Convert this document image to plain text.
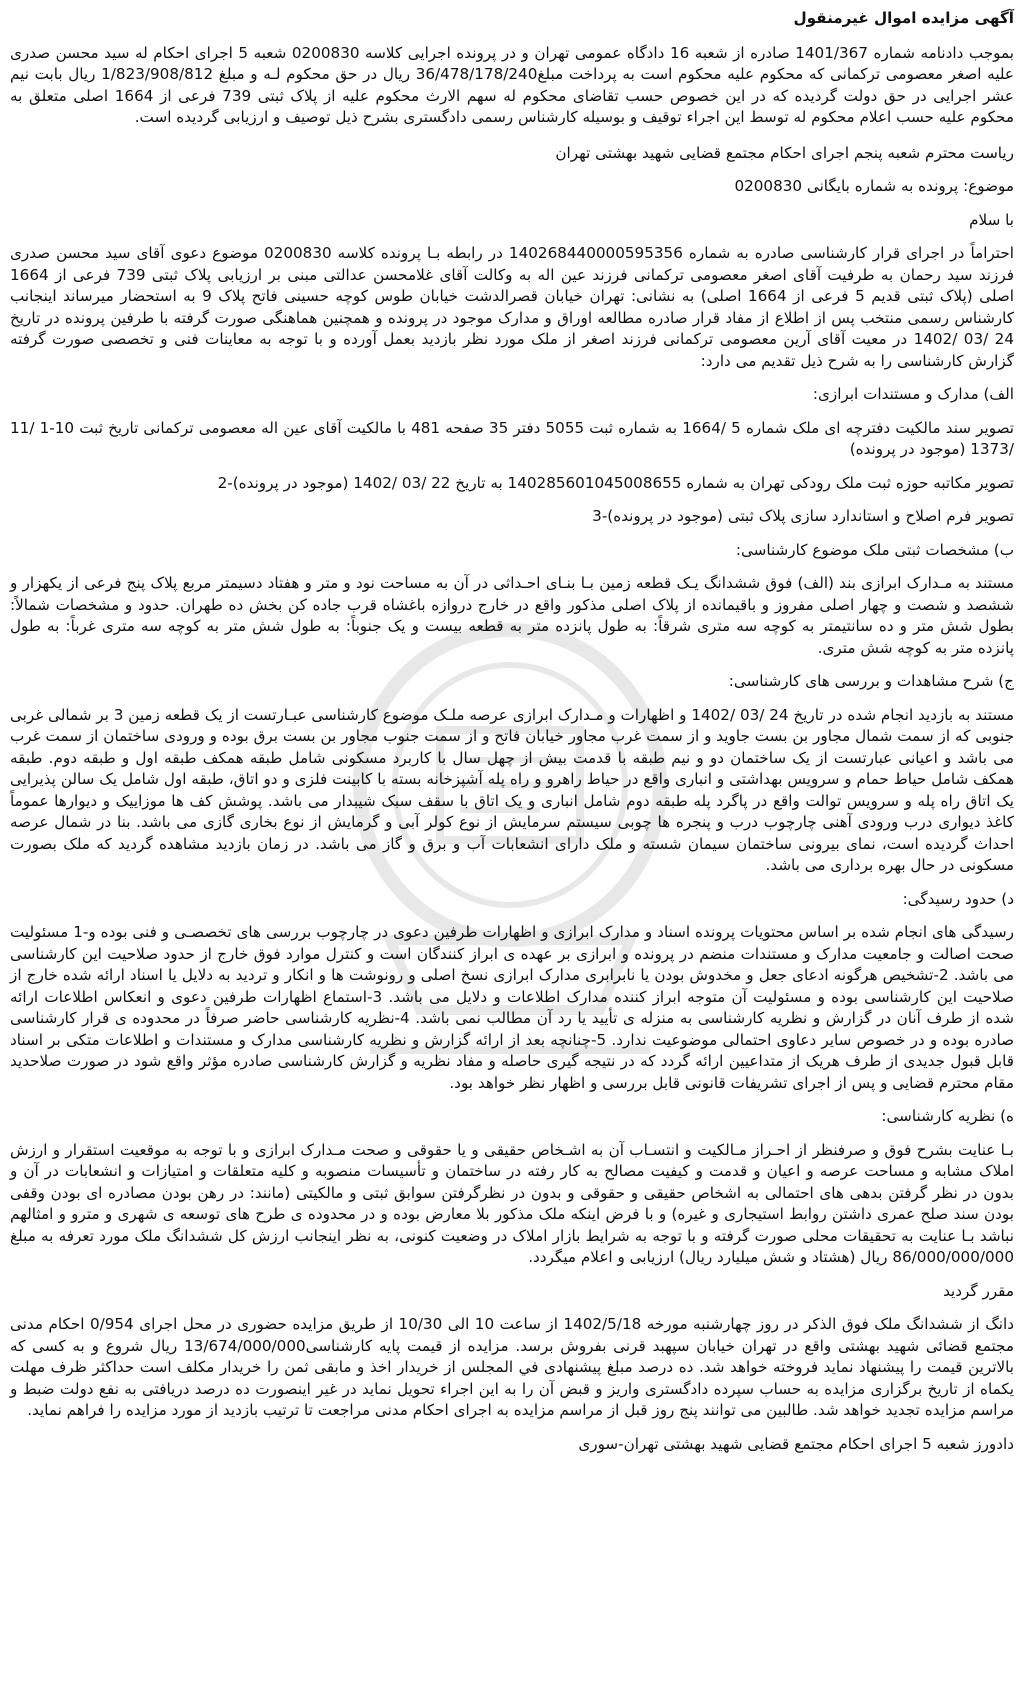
آگهی مزایده اموال غیرمنقول

بموجب دادنامه شماره 1401/367 صادره از شعبه 16 دادگاه عمومی تهران و در پرونده اجرایی کلاسه 0200830 شعبه 5 اجرای احکام له سید محسن صدری علیه اصغر معصومی ترکمانی که محکوم علیه محکوم است به پرداخت مبلغ36/478/178/240 ریال در حق محکوم لـه و مبلغ 1/823/908/812 ریال بابت نیم عشر اجرایی در حق دولت گردیده که در این خصوص حسب تقاضای محکوم له سهم الارث محکوم علیه از پلاک ثبتی 739 فرعی از 1664 اصلی متعلق به محکوم علیه حسب اعلام محکوم له توسط این اجراء توقیف و بوسیله کارشناس رسمی دادگستری بشرح ذیل توصیف و ارزیابی گردیده است.

ریاست محترم شعبه پنجم اجرای احکام مجتمع قضایی شهید بهشتی تهران

موضوع: پرونده به شماره بایگانی 0200830

با سلام

احتراماً در اجرای قرار کارشناسی صادره به شماره 140268440000595356 در رابطه بـا پرونده کلاسه 0200830 موضوع دعوی آقای سید محسن صدری فرزند سید رحمان به طرفیت آقای اصغر معصومی ترکمانی فرزند عین اله به وکالت آقای غلامحسن عدالتی مبنی بر ارزیابی پلاک ثبتی 739 فرعی از 1664 اصلی (پلاک ثبتی قدیم 5 فرعی از 1664 اصلی) به نشانی: تهران خیابان قصرالدشت خیابان طوس کوچه حسینی فاتح پلاک 9 به استحضار میرساند اینجانب کارشناس رسمی منتخب پس از اطلاع از مفاد قرار صادره مطالعه اوراق و مدارک موجود در پرونده و همچنین هماهنگی صورت گرفته با طرفین پرونده در تاریخ 24 /03 /1402 در معیت آقای آرین معصومی ترکمانی فرزند اصغر از ملک مورد نظر بازدید بعمل آورده و با توجه به معاینات فنی و تخصصی صورت گرفته گزارش کارشناسی را به شرح ذیل تقدیم می دارد:

الف) مدارک و مستندات ابرازی:

تصویر سند مالکیت دفترچه ای ملک شماره 5 /1664 به شماره ثبت 5055 دفتر 35 صفحه 481 با مالکیت آقای عین اله معصومی ترکمانی تاریخ ثبت 10-1 /11 /1373 (موجود در پرونده)

تصویر مکاتبه حوزه ثبت ملک رودکی تهران به شماره 140285601045008655 به تاریخ 22 /03 /1402 (موجود در پرونده)-2

تصویر فرم اصلاح و استاندارد سازی پلاک ثبتی (موجود در پرونده)-3

ب) مشخصات ثبتی ملک موضوع کارشناسی:

مستند به مـدارک ابرازی بند (الف) فوق ششدانگ یـک قطعه زمین بـا بنـای احـداثی در آن به مساحت نود و متر و هفتاد دسیمتر مربع پلاک پنج فرعی از یکهزار و ششصد و شصت و چهار اصلی مفروز و باقیمانده از پلاک اصلی مذکور واقع در خارج دروازه باغشاه قرب جاده کن بخش ده طهران. حدود و مشخصات شمالاً: بطول شش متر و ده سانتیمتر به کوچه سه متری شرقاً: به طول پانزده متر به قطعه بیست و یک جنوباً: به طول شش متر به کوچه سه متری غرباً: به طول پانزده متر به کوچه شش متری.

ج) شرح مشاهدات و بررسی های کارشناسی:

مستند به بازدید انجام شده در تاریخ 24 /03 /1402 و اظهارات و مـدارک ابرازی عرصه ملـک موضوع کارشناسی عبـارتست از یک قطعه زمین 3 بر شمالی غربی جنوبی که از سمت شمال مجاور بن بست جاوید و از سمت غرب مجاور خیابان فاتح و از سمت جنوب مجاور بن بست برق بوده و ورودی ساختمان از سمت غرب می باشد و اعیانی عبارتست از یک ساختمان دو و نیم طبقه با قدمت بیش از چهل سال با کاربرد مسکونی شامل طبقه همکف طبقه اول و طبقه دوم. طبقه همکف شامل حیاط حمام و سرویس بهداشتی و انباری واقع در حیاط راهرو و راه پله آشپزخانه بسته با کابینت فلزی و دو اتاق، طبقه اول شامل یک سالن پذیرایی یک اتاق راه پله و سرویس توالت واقع در پاگرد پله طبقه دوم شامل انباری و یک اتاق با سقف سبک شیبدار می باشد. پوشش کف ها موزاییک و دیوارها عموماً کاغذ دیواری درب ورودی آهنی چارچوب درب و پنجره ها چوبی سیستم سرمایش از نوع کولر آبی و گرمایش از نوع بخاری گازی می باشد. بنا در شمال عرصه احداث گردیده است، نمای بیرونی ساختمان سیمان شسته و ملک دارای انشعابات آب و برق و گاز می باشد. در زمان بازدید مشاهده گردید که ملک بصورت مسکونی در حال بهره برداری می باشد.

د) حدود رسیدگی:

رسیدگی های انجام شده بر اساس محتویات پرونده اسناد و مدارک ابرازی و اظهارات طرفین دعوی در چارچوب بررسی های تخصصـی و فنی بوده و-1 مسئولیت صحت اصالت و جامعیت مدارک و مستندات منضم در پرونده و ابرازی بر عهده ی ابراز کنندگان است و کنترل موارد فوق خارج از حدود صلاحیت این کارشناسی می باشد. 2-تشخیص هرگونه ادعای جعل و مخدوش بودن یا نابرابری مدارک ابرازی نسخ اصلی و رونوشت ها و انکار و تردید به دلایل یا اسناد ارائه شده خارج از صلاحیت این کارشناسی بوده و مسئولیت آن متوجه ابراز کننده مدارک اطلاعات و دلایل می باشد. 3-استماع اظهارات طرفین دعوی و انعکاس اطلاعات ارائه شده از طرف آنان در گزارش و نظریه کارشناسی به منزله ی تأیید یا رد آن مطالب نمی باشد. 4-نظریه کارشناسی حاضر صرفاً در محدوده ی قرار کارشناسی صادره بوده و در خصوص سایر دعاوی احتمالی موضوعیت ندارد. 5-چنانچه بعد از ارائه گزارش و نظریه کارشناسی مدارک و مستندات و اطلاعات متکی بر اسناد قابل قبول جدیدی از طرف هریک از متداعیین ارائه گردد که در نتیجه گیری حاصله و مفاد نظریه و گزارش کارشناسی صادره مؤثر واقع شود در صورت صلاحدید مقام محترم قضایی و پس از اجرای تشریفات قانونی قابل بررسی و اظهار نظر خواهد بود.

ه) نظریه کارشناسی:

بـا عنایت بشرح فوق و صرفنظر از احـراز مـالکیت و انتسـاب آن به اشـخاص حقیقی و یا حقوقی و صحت مـدارک ابرازی و با توجه به موقعیت استقرار و ارزش املاک مشابه و مساحت عرصه و اعیان و قدمت و کیفیت مصالح به کار رفته در ساختمان و تأسیسات منصوبه و کلیه متعلقات و امتیازات و انشعابات در آن و بدون در نظر گرفتن بدهی های احتمالی به اشخاص حقیقی و حقوقی و بدون در نظرگرفتن سوابق ثبتی و مالکیتی (مانند: در رهن بودن مصادره ای بودن وقفی بودن سند صلح عمری داشتن روابط استیجاری و غیره) و با فرض اینکه ملک مذکور بلا معارض بوده و در محدوده ی طرح های توسعه ی شهری و مترو و امثالهم نباشد بـا عنایت به تحقیقات محلی صورت گرفته و با توجه به شرایط بازار املاک در وضعیت کنونی، به نظر اینجانب ارزش کل ششدانگ ملک مورد تعرفه به مبلغ 86/000/000/000 ریال (هشتاد و شش میلیارد ریال) ارزیابی و اعلام میگردد.

مقرر گردید

دانگ از ششدانگ ملک فوق الذکر در روز چهارشنبه مورخه 1402/5/18 از ساعت 10 الی 10/30 از طریق مزایده حضوری در محل اجرای 0/954 احکام مدنی مجتمع قضائی شهید بهشتی واقع در تهران خیابان سپهبد قرنی بفروش برسد. مزایده از قیمت پایه کارشناسی13/674/000/000 ریال شروع و به کسی که بالاترین قیمت را پیشنهاد نماید فروخته خواهد شد. ده درصد مبلغ پیشنهادی في المجلس از خریدار اخذ و مابقی ثمن را خریدار مکلف است حداکثر ظرف مهلت یکماه از تاریخ برگزاری مزایده به حساب سپرده دادگستری واریز و قبض آن را به این اجراء تحویل نماید در غیر اینصورت ده درصد دریافتی به نفع دولت ضبط و مراسم مزایده تجدید خواهد شد. طالبین می توانند پنج روز قبل از مراسم مزایده به اجرای احکام مدنی مراجعت تا ترتیب بازدید از مورد مزایده را فراهم نماید.

دادورز شعبه 5 اجرای احکام مجتمع قضایی شهید بهشتی تهران-سوری
